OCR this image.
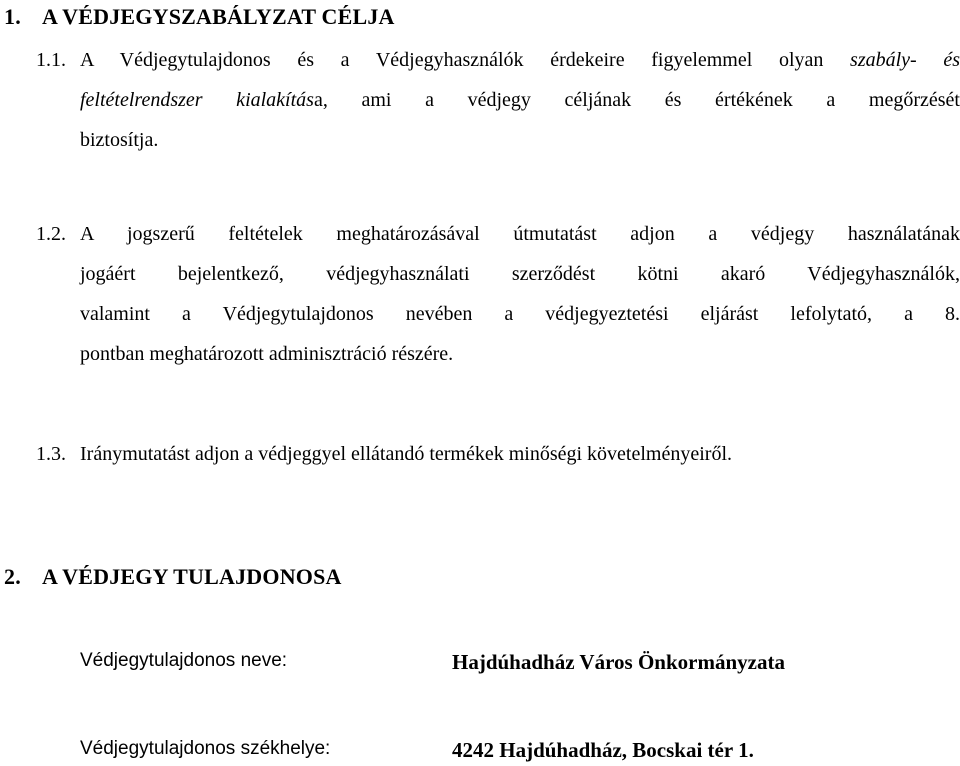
1. A VÉDJEGYSZABÁLYZAT CÉLJA
1.1. A Védjegytulajdonos és a Védjegyhasználók érdekeire figyelemmel olyan szabály- és
feltételrendszer kialakítása, ami a védjegy céljának és értékének a megőrzését
biztosítja.
1.2. A jogszerű feltételek meghatározásával útmutatást adjon a védjegy használatának
jogáért bejelentkező, védjegyhasználati szerződést kötni akaró Védjegyhasználók,
valamint a Védjegytulajdonos nevében a védjegyeztetési eljárást lefolytató, a 8.
pontban meghatározott adminisztráció részére.
1.3. Iránymutatást adjon a védjeggyel ellátandó termékek minőségi követelményeiről.
2. A VÉDJEGY TULAJDONOSA
Védjegytulajdonos neve:	Hajdúhadház Város Önkormányzata
Védjegytulajdonos székhelye:	4242 Hajdúhadház, Bocskai tér 1.
